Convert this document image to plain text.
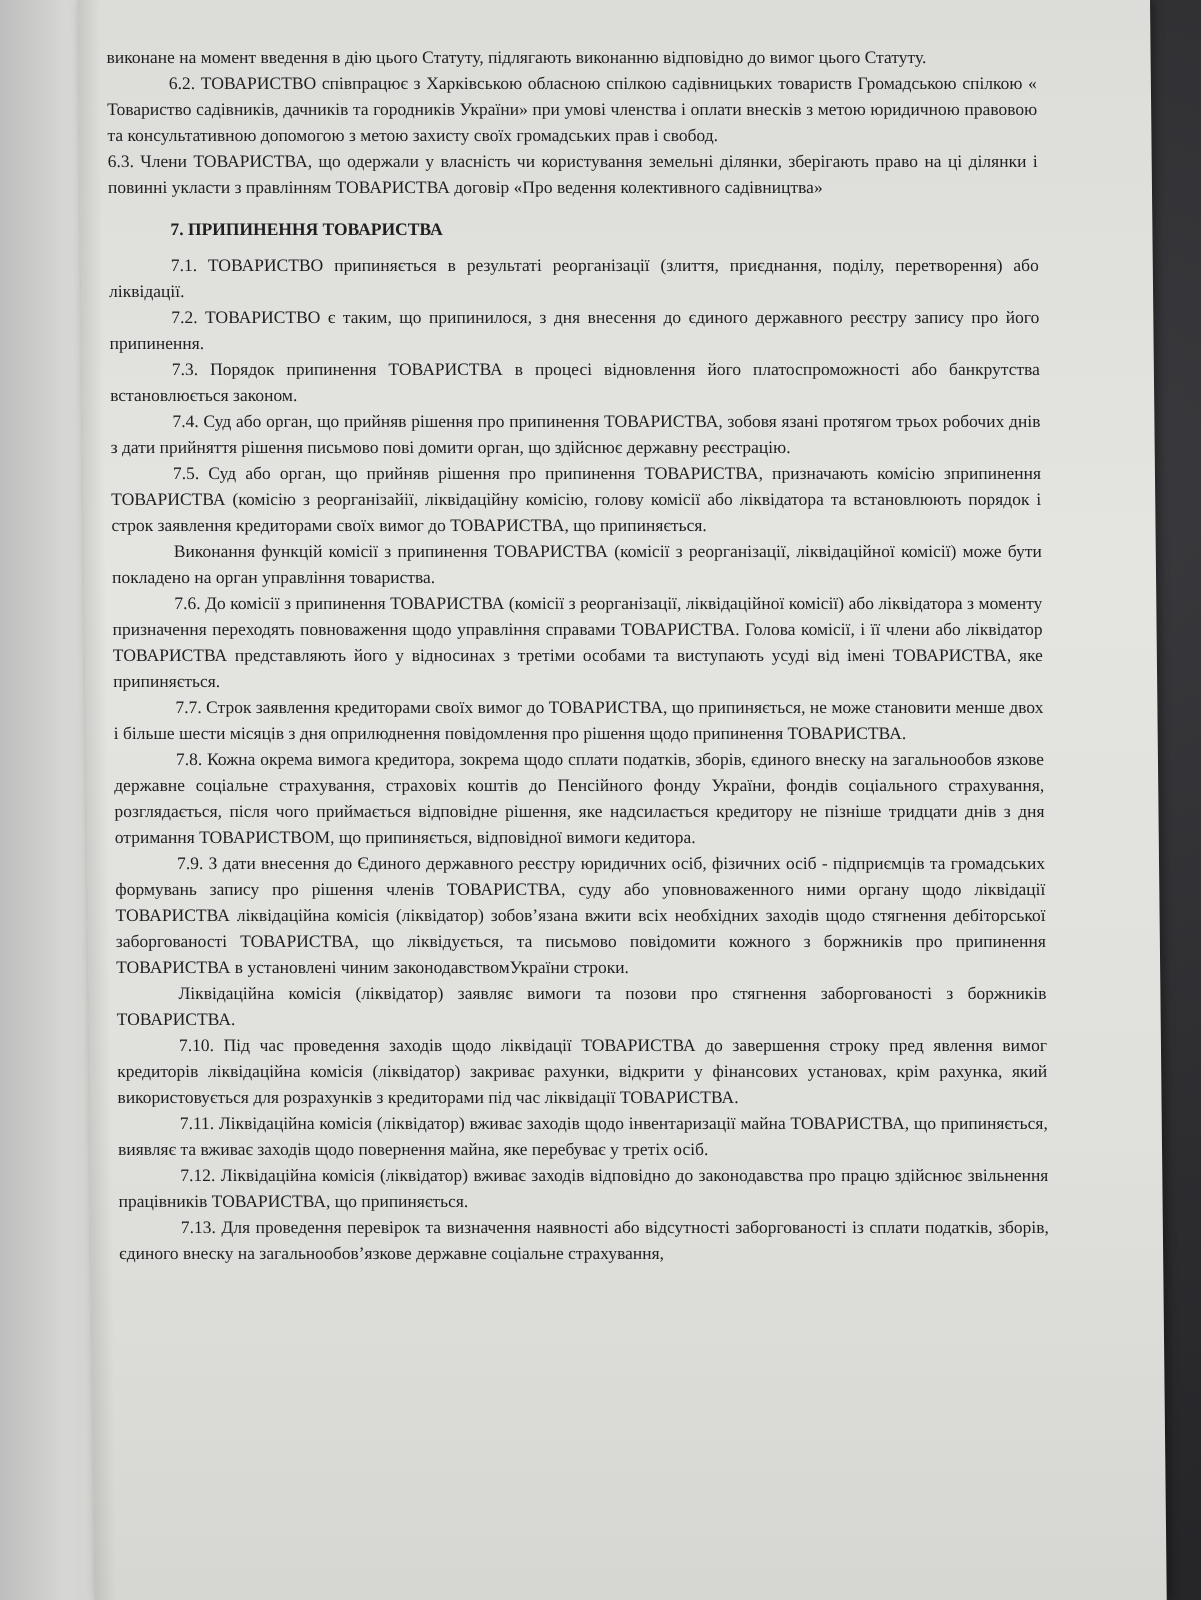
виконане на момент введення в дію цього Статуту, підлягають виконанню відповідно до вимог цього Статуту.

6.2. ТОВАРИСТВО співпрацює з Харківською обласною спілкою садівницьких товариств Громадською спілкою « Товариство садівників, дачників та городників України» при умові членства і оплати внесків з метою юридичною правовою та консультативною допомогою з метою захисту своїх громадських прав і свобод.

6.3. Члени ТОВАРИСТВА, що одержали у власність чи користування земельні ділянки, зберігають право на ці ділянки і повинні укласти з правлінням ТОВАРИСТВА договір «Про ведення колективного садівництва»

7. ПРИПИНЕННЯ ТОВАРИСТВА

7.1. ТОВАРИСТВО припиняється в результаті реорганізації (злиття, приєднання, поділу, перетворення) або ліквідації.

7.2. ТОВАРИСТВО є таким, що припинилося, з дня внесення до єдиного державного реєстру запису про його припинення.

7.3. Порядок припинення ТОВАРИСТВА в процесі відновлення його платоспроможності або банкрутства встановлюється законом.

7.4. Суд або орган, що прийняв рішення про припинення ТОВАРИСТВА, зобовя язані протягом трьох робочих днів з дати прийняття рішення письмово пові домити орган, що здійснює державну реєстрацію.

7.5. Суд або орган, що прийняв рішення про припинення ТОВАРИСТВА, призначають комісію зприпинення ТОВАРИСТВА (комісію з реорганізайії, ліквідаційну комісію, голову комісії або ліквідатора та встановлюють порядок і строк заявлення кредиторами своїх вимог до ТОВАРИСТВА, що припиняється.

Виконання функцій комісії з припинення ТОВАРИСТВА (комісії з реорганізації, ліквідаційної комісії) може бути покладено на орган управління товариства.

7.6. До комісії з припинення ТОВАРИСТВА (комісії з реорганізації, ліквідаційної комісії) або ліквідатора з моменту призначення переходять повноваження щодо управління справами ТОВАРИСТВА. Голова комісії, і її члени або ліквідатор ТОВАРИСТВА представляють його у відносинах з третіми особами та виступають усуді від імені ТОВАРИСТВА, яке припиняється.

7.7. Строк заявлення кредиторами своїх вимог до ТОВАРИСТВА, що припиняється, не може становити менше двох і більше шести місяців з дня оприлюднення повідомлення про рішення щодо припинення ТОВАРИСТВА.

7.8. Кожна окрема вимога кредитора, зокрема щодо сплати податків, зборів, єдиного внеску на загальнообов язкове державне соціальне страхування, страховіх коштів до Пенсійного фонду України, фондів соціального страхування, розглядається, після чого приймається відповідне рішення, яке надсилається кредитору не пізніше тридцати днів з дня отримання ТОВАРИСТВОМ, що припиняється, відповідної вимоги кедитора.

7.9. З дати внесення до Єдиного державного реєстру юридичних осіб, фізичних осіб - підприємців та громадських формувань запису про рішення членів ТОВАРИСТВА, суду або уповноваженного ними органу щодо ліквідації ТОВАРИСТВА ліквідаційна комісія (ліквідатор) зобов’язана вжити всіх необхідних заходів щодо стягнення дебіторської заборгованості ТОВАРИСТВА, що ліквідується, та письмово повідомити кожного з боржників про припинення ТОВАРИСТВА в установлені чиним законодавствомУкраїни строки.

Ліквідаційна комісія (ліквідатор) заявляє вимоги та позови про стягнення заборгованості з боржників ТОВАРИСТВА.

7.10. Під час проведення заходів щодо ліквідації ТОВАРИСТВА до завершення строку пред явлення вимог кредиторів ліквідаційна комісія (ліквідатор) закриває рахунки, відкрити у фінансових установах, крім рахунка, який використовується для розрахунків з кредиторами під час ліквідації ТОВАРИСТВА.

7.11. Ліквідаційна комісія (ліквідатор) вживає заходів щодо інвентаризації майна ТОВАРИСТВА, що припиняється, виявляє та вживає заходів щодо повернення майна, яке перебуває у третіх осіб.

7.12. Ліквідаційна комісія (ліквідатор) вживає заходів відповідно до законодавства про працю здійснює звільнення працівників ТОВАРИСТВА, що припиняється.

7.13. Для проведення перевірок та визначення наявності або відсутності заборгованості із сплати податків, зборів, єдиного внеску на загальнообов’язкове державне соціальне страхування,
